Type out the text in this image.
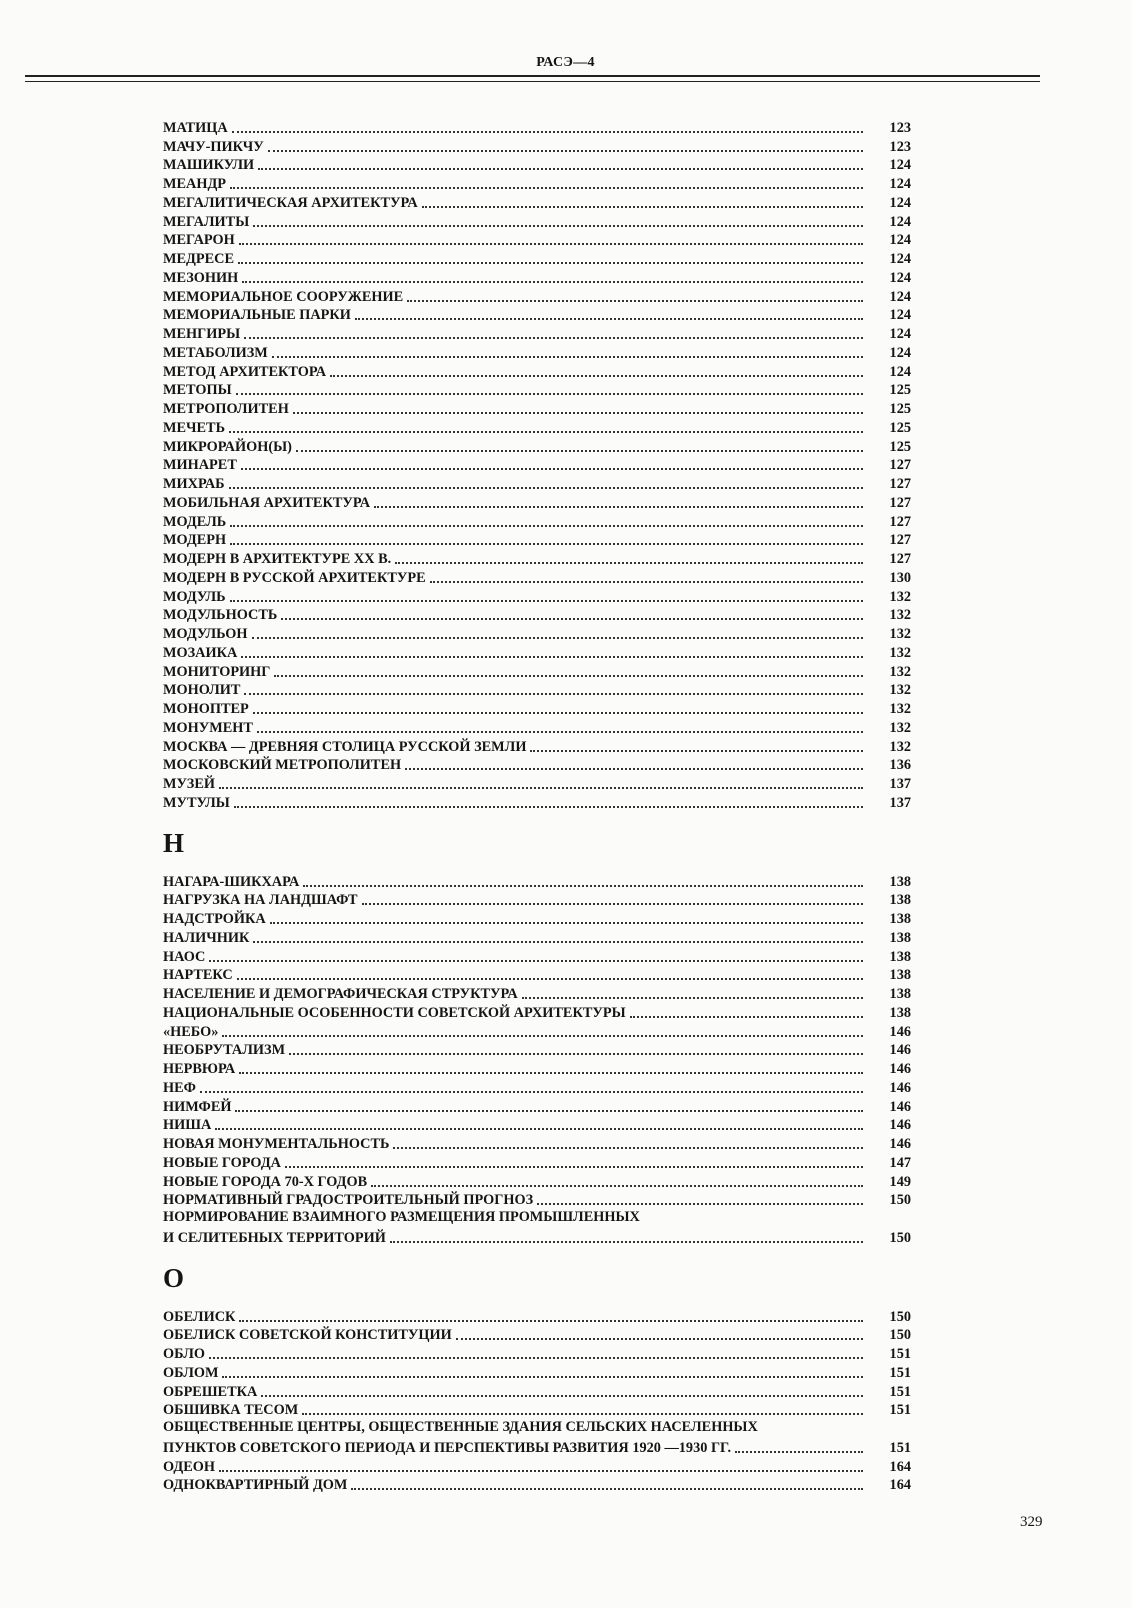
РАСЭ—4
МАТИЦА	123
МАЧУ-ПИКЧУ	123
МАШИКУЛИ	124
МЕАНДР	124
МЕГАЛИТИЧЕСКАЯ АРХИТЕКТУРА	124
МЕГАЛИТЫ	124
МЕГАРОН	124
МЕДРЕСЕ	124
МЕЗОНИН	124
МЕМОРИАЛЬНОЕ СООРУЖЕНИЕ	124
МЕМОРИАЛЬНЫЕ ПАРКИ	124
МЕНГИРЫ	124
МЕТАБОЛИЗМ	124
МЕТОД АРХИТЕКТОРА	124
МЕТОПЫ	125
МЕТРОПОЛИТЕН	125
МЕЧЕТЬ	125
МИКРОРАЙОН(Ы)	125
МИНАРЕТ	127
МИХРАБ	127
МОБИЛЬНАЯ АРХИТЕКТУРА	127
МОДЕЛЬ	127
МОДЕРН	127
МОДЕРН В АРХИТЕКТУРЕ XX В.	127
МОДЕРН В РУССКОЙ АРХИТЕКТУРЕ	130
МОДУЛЬ	132
МОДУЛЬНОСТЬ	132
МОДУЛЬОН	132
МОЗАИКА	132
МОНИТОРИНГ	132
МОНОЛИТ	132
МОНОПТЕР	132
МОНУМЕНТ	132
МОСКВА — ДРЕВНЯЯ СТОЛИЦА РУССКОЙ ЗЕМЛИ	132
МОСКОВСКИЙ МЕТРОПОЛИТЕН	136
МУЗЕЙ	137
МУТУЛЫ	137
Н
НАГАРА-ШИКХАРА	138
НАГРУЗКА НА ЛАНДШАФТ	138
НАДСТРОЙКА	138
НАЛИЧНИК	138
НАОС	138
НАРТЕКС	138
НАСЕЛЕНИЕ И ДЕМОГРАФИЧЕСКАЯ СТРУКТУРА	138
НАЦИОНАЛЬНЫЕ ОСОБЕННОСТИ СОВЕТСКОЙ АРХИТЕКТУРЫ	138
«НЕБО»	146
НЕОБРУТАЛИЗМ	146
НЕРВЮРА	146
НЕФ	146
НИМФЕЙ	146
НИША	146
НОВАЯ МОНУМЕНТАЛЬНОСТЬ	146
НОВЫЕ ГОРОДА	147
НОВЫЕ ГОРОДА 70-Х ГОДОВ	149
НОРМАТИВНЫЙ ГРАДОСТРОИТЕЛЬНЫЙ ПРОГНОЗ	150
НОРМИРОВАНИЕ ВЗАИМНОГО РАЗМЕЩЕНИЯ ПРОМЫШЛЕННЫХ
И СЕЛИТЕБНЫХ ТЕРРИТОРИЙ	150
О
ОБЕЛИСК	150
ОБЕЛИСК СОВЕТСКОЙ КОНСТИТУЦИИ	150
ОБЛО	151
ОБЛОМ	151
ОБРЕШЕТКА	151
ОБШИВКА ТЕСОМ	151
ОБЩЕСТВЕННЫЕ ЦЕНТРЫ, ОБЩЕСТВЕННЫЕ ЗДАНИЯ СЕЛЬСКИХ НАСЕЛЕННЫХ
ПУНКТОВ СОВЕТСКОГО ПЕРИОДА И ПЕРСПЕКТИВЫ РАЗВИТИЯ 1920 —1930 ГГ.	151
ОДЕОН	164
ОДНОКВАРТИРНЫЙ ДОМ	164
329
